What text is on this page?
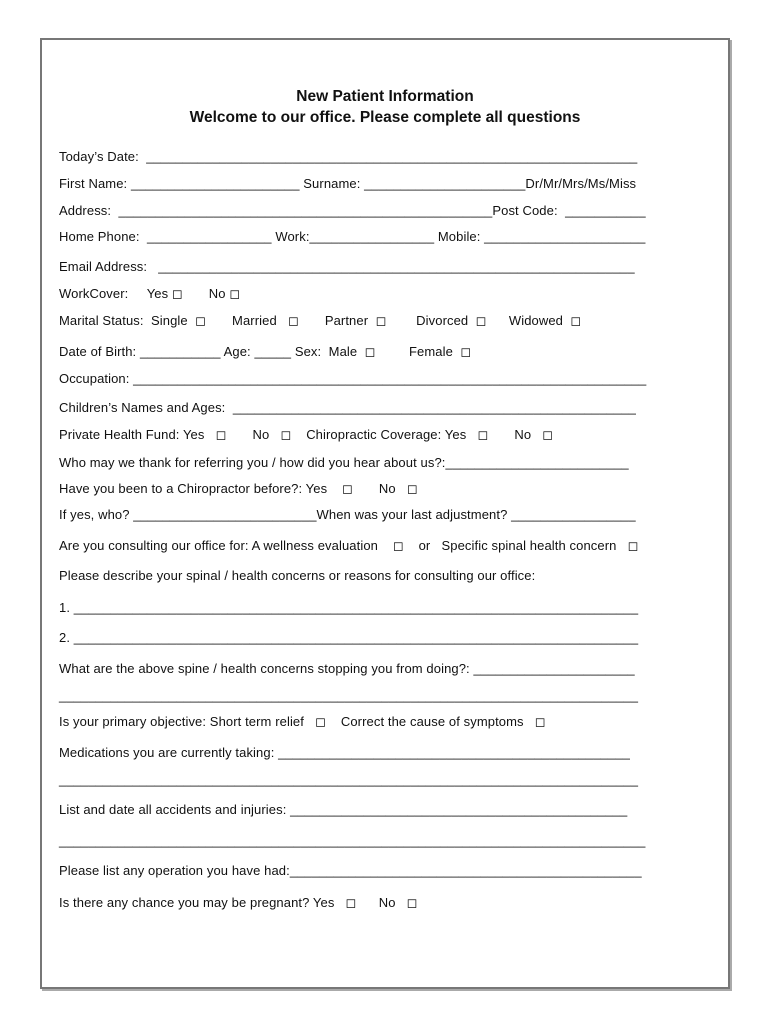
New Patient Information
Welcome to our office. Please complete all questions
Today’s Date:  ___________________________________________________________________
First Name: _______________________ Surname: ______________________Dr/Mr/Mrs/Ms/Miss
Address:  ___________________________________________________Post Code:  ___________
Home Phone:  _________________ Work:_________________ Mobile: ______________________
Email Address:   _________________________________________________________________
WorkCover:     Yes ◻       No ◻
Marital Status:  Single  ◻       Married   ◻       Partner  ◻        Divorced  ◻      Widowed  ◻
Date of Birth: ___________ Age: _____ Sex:  Male  ◻         Female  ◻
Occupation: ______________________________________________________________________
Children’s Names and Ages:  _______________________________________________________
Private Health Fund: Yes   ◻       No   ◻    Chiropractic Coverage: Yes   ◻       No   ◻
Who may we thank for referring you / how did you hear about us?:_________________________
Have you been to a Chiropractor before?: Yes    ◻       No   ◻
If yes, who? _________________________When was your last adjustment? _________________
Are you consulting our office for: A wellness evaluation    ◻    or   Specific spinal health concern   ◻
Please describe your spinal / health concerns or reasons for consulting our office:
1. _____________________________________________________________________________
2. _____________________________________________________________________________
What are the above spine / health concerns stopping you from doing?: ______________________
_______________________________________________________________________________
Is your primary objective: Short term relief   ◻    Correct the cause of symptoms   ◻
Medications you are currently taking: ________________________________________________
_______________________________________________________________________________
List and date all accidents and injuries: ______________________________________________
________________________________________________________________________________
Please list any operation you have had:________________________________________________
Is there any chance you may be pregnant? Yes   ◻      No   ◻
